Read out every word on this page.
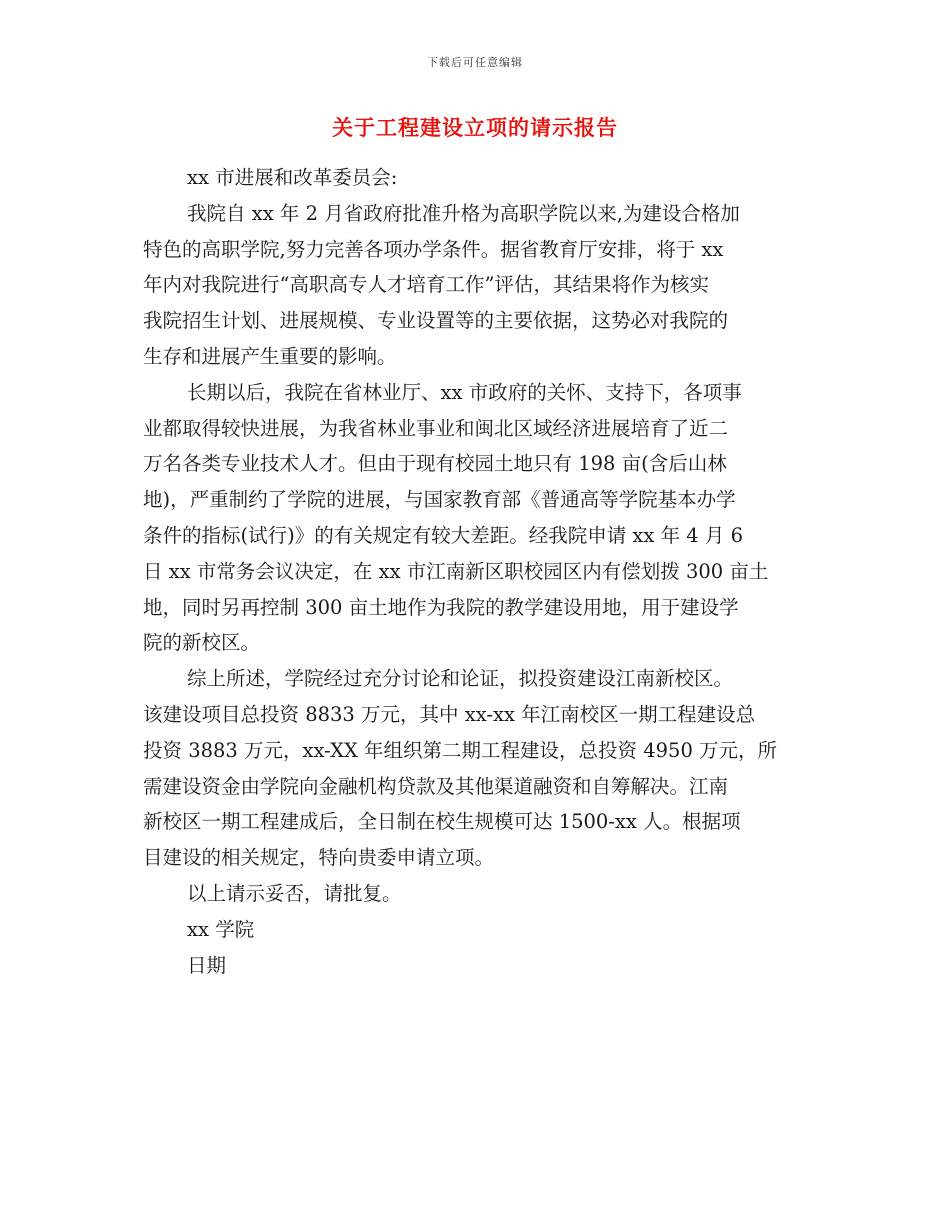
下载后可任意编辑
关于工程建设立项的请示报告
xx 市进展和改革委员会:
我院自 xx 年 2 月省政府批准升格为高职学院以来,为建设合格加
特色的高职学院,努力完善各项办学条件。据省教育厅安排，将于 xx
年内对我院进行“高职高专人才培育工作”评估，其结果将作为核实
我院招生计划、进展规模、专业设置等的主要依据，这势必对我院的
生存和进展产生重要的影响。
长期以后，我院在省林业厅、xx 市政府的关怀、支持下，各项事
业都取得较快进展，为我省林业事业和闽北区域经济进展培育了近二
万名各类专业技术人才。但由于现有校园土地只有 198 亩(含后山林
地)，严重制约了学院的进展，与国家教育部《普通高等学院基本办学
条件的指标(试行)》的有关规定有较大差距。经我院申请 xx 年 4 月 6
日 xx 市常务会议决定，在 xx 市江南新区职校园区内有偿划拨 300 亩土
地，同时另再控制 300 亩土地作为我院的教学建设用地，用于建设学
院的新校区。
综上所述，学院经过充分讨论和论证，拟投资建设江南新校区。
该建设项目总投资 8833 万元，其中 xx-xx 年江南校区一期工程建设总
投资 3883 万元，xx-XX 年组织第二期工程建设，总投资 4950 万元，所
需建设资金由学院向金融机构贷款及其他渠道融资和自筹解决。江南
新校区一期工程建成后，全日制在校生规模可达 1500-xx 人。根据项
目建设的相关规定，特向贵委申请立项。
以上请示妥否，请批复。
xx 学院
日期
